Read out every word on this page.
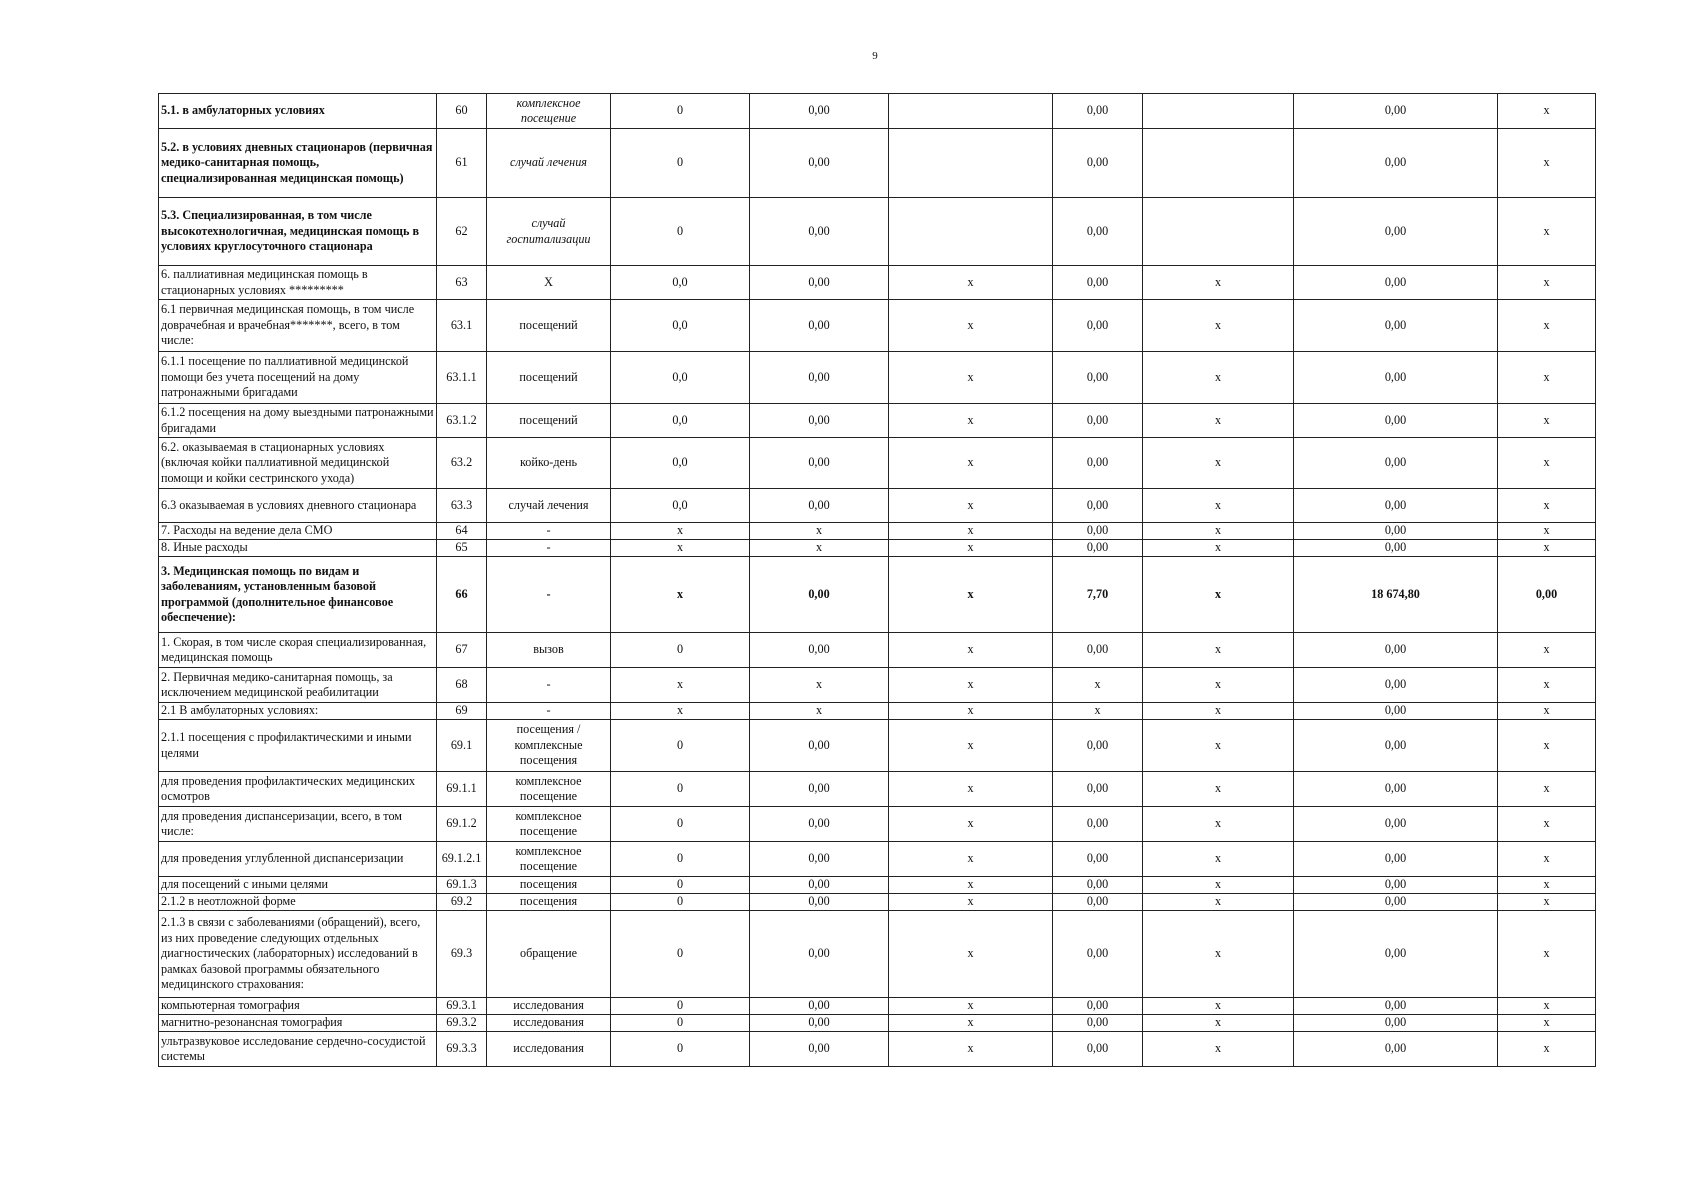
9
5.1. в амбулаторных условиях	60	комплексное посещение	0	0,00		0,00		0,00	х
5.2. в условиях дневных стационаров (первичная медико-санитарная помощь, специализированная медицинская помощь)	61	случай лечения	0	0,00		0,00		0,00	х
5.3. Специализированная, в том числе высокотехнологичная, медицинская помощь в условиях круглосуточного стационара	62	случай госпитализации	0	0,00		0,00		0,00	х
6. паллиативная медицинская помощь в стационарных условиях *********	63	Х	0,0	0,00	х	0,00	х	0,00	х
6.1 первичная медицинская помощь, в том числе доврачебная и врачебная*******, всего, в том числе:	63.1	посещений	0,0	0,00	х	0,00	х	0,00	х
6.1.1 посещение по паллиативной медицинской помощи без учета посещений на дому патронажными бригадами	63.1.1	посещений	0,0	0,00	х	0,00	х	0,00	х
6.1.2 посещения на дому выездными патронажными бригадами	63.1.2	посещений	0,0	0,00	х	0,00	х	0,00	х
6.2. оказываемая в стационарных условиях (включая койки паллиативной медицинской помощи и койки сестринского ухода)	63.2	койко-день	0,0	0,00	х	0,00	х	0,00	х
6.3 оказываемая в условиях дневного стационара	63.3	случай лечения	0,0	0,00	х	0,00	х	0,00	х
7. Расходы на ведение дела СМО	64	-	х	х	х	0,00	х	0,00	х
8. Иные расходы	65	-	х	х	х	0,00	х	0,00	х
3. Медицинская помощь по видам и заболеваниям, установленным базовой программой (дополнительное финансовое обеспечение):	66	-	х	0,00	х	7,70	х	18 674,80	0,00
1. Скорая, в том числе скорая специализированная, медицинская помощь	67	вызов	0	0,00	х	0,00	х	0,00	х
2. Первичная медико-санитарная помощь, за исключением медицинской реабилитации	68	-	х	х	х	х	х	0,00	х
2.1 В амбулаторных условиях:	69	-	х	х	х	х	х	0,00	х
2.1.1 посещения с профилактическими и иными целями	69.1	посещения / комплексные посещения	0	0,00	х	0,00	х	0,00	х
для проведения профилактических медицинских осмотров	69.1.1	комплексное посещение	0	0,00	х	0,00	х	0,00	х
для проведения диспансеризации, всего, в том числе:	69.1.2	комплексное посещение	0	0,00	х	0,00	х	0,00	х
для проведения углубленной диспансеризации	69.1.2.1	комплексное посещение	0	0,00	х	0,00	х	0,00	х
для посещений с иными целями	69.1.3	посещения	0	0,00	х	0,00	х	0,00	х
2.1.2 в неотложной форме	69.2	посещения	0	0,00	х	0,00	х	0,00	х
2.1.3 в связи с заболеваниями (обращений), всего, из них проведение следующих отдельных диагностических (лабораторных) исследований в рамках базовой программы обязательного медицинского страхования:	69.3	обращение	0	0,00	х	0,00	х	0,00	х
компьютерная томография	69.3.1	исследования	0	0,00	х	0,00	х	0,00	х
магнитно-резонансная томография	69.3.2	исследования	0	0,00	х	0,00	х	0,00	х
ультразвуковое исследование сердечно-сосудистой системы	69.3.3	исследования	0	0,00	х	0,00	х	0,00	х
